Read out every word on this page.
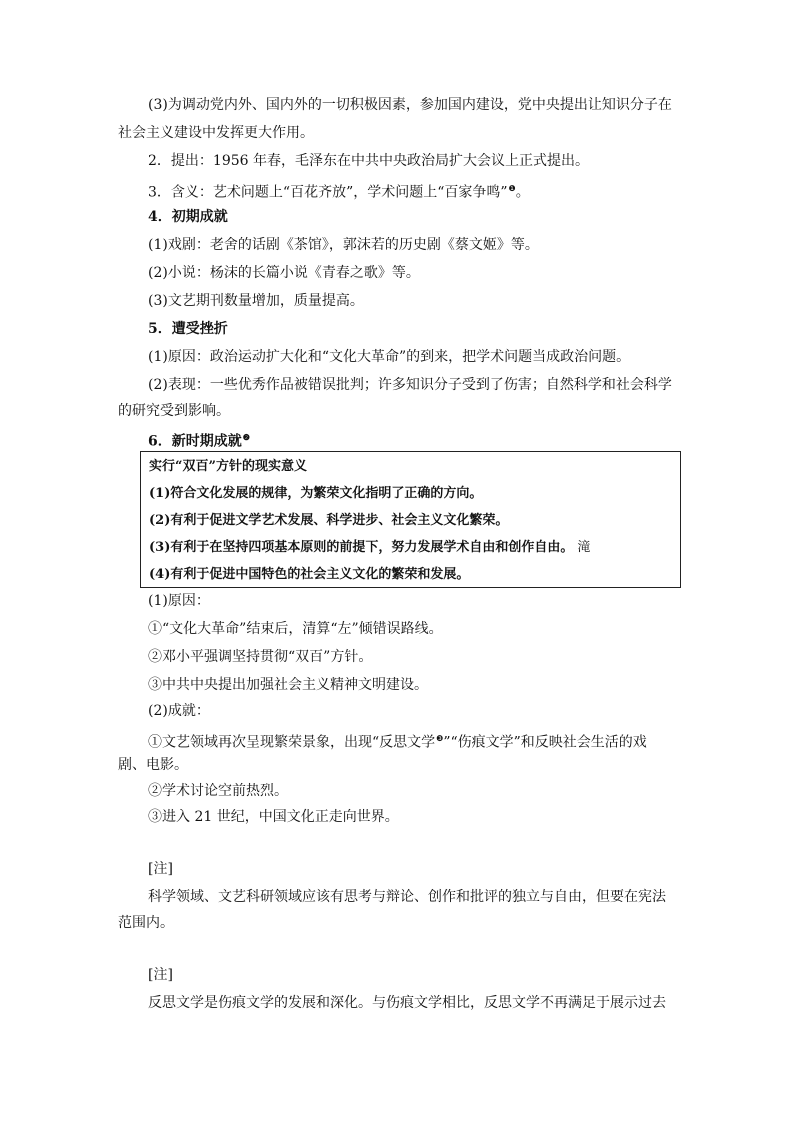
(3)为调动党内外、国内外的一切积极因素，参加国内建设，党中央提出让知识分子在
社会主义建设中发挥更大作用。
2．提出：1956 年春，毛泽东在中共中央政治局扩大会议上正式提出。
3．含义：艺术问题上“百花齐放”，学术问题上“百家争鸣”$^❶$。
4．初期成就
(1)戏剧：老舍的话剧《茶馆》，郭沫若的历史剧《蔡文姬》等。
(2)小说：杨沫的长篇小说《青春之歌》等。
(3)文艺期刊数量增加，质量提高。
5．遭受挫折
(1)原因：政治运动扩大化和“文化大革命”的到来，把学术问题当成政治问题。
(2)表现：一些优秀作品被错误批判；许多知识分子受到了伤害；自然科学和社会科学
的研究受到影响。
6．新时期成就$^❷$
实行“双百”方针的现实意义
(1)符合文化发展的规律，为繁荣文化指明了正确的方向。
(2)有利于促进文学艺术发展、科学进步、社会主义文化繁荣。
(3)有利于在坚持四项基本原则的前提下，努力发展学术自由和创作自由。 滝
(4)有利于促进中国特色的社会主义文化的繁荣和发展。
(1)原因：
①“文化大革命”结束后，清算“左”倾错误路线。
②邓小平强调坚持贯彻“双百”方针。
③中共中央提出加强社会主义精神文明建设。
(2)成就：
①文艺领域再次呈现繁荣景象，出现“反思文学$^❸$”“伤痕文学”和反映社会生活的戏
剧、电影。
②学术讨论空前热烈。
③进入 21 世纪，中国文化正走向世界。
[注]
科学领域、文艺科研领域应该有思考与辩论、创作和批评的独立与自由，但要在宪法
范围内。
[注]
反思文学是伤痕文学的发展和深化。与伤痕文学相比，反思文学不再满足于展示过去
